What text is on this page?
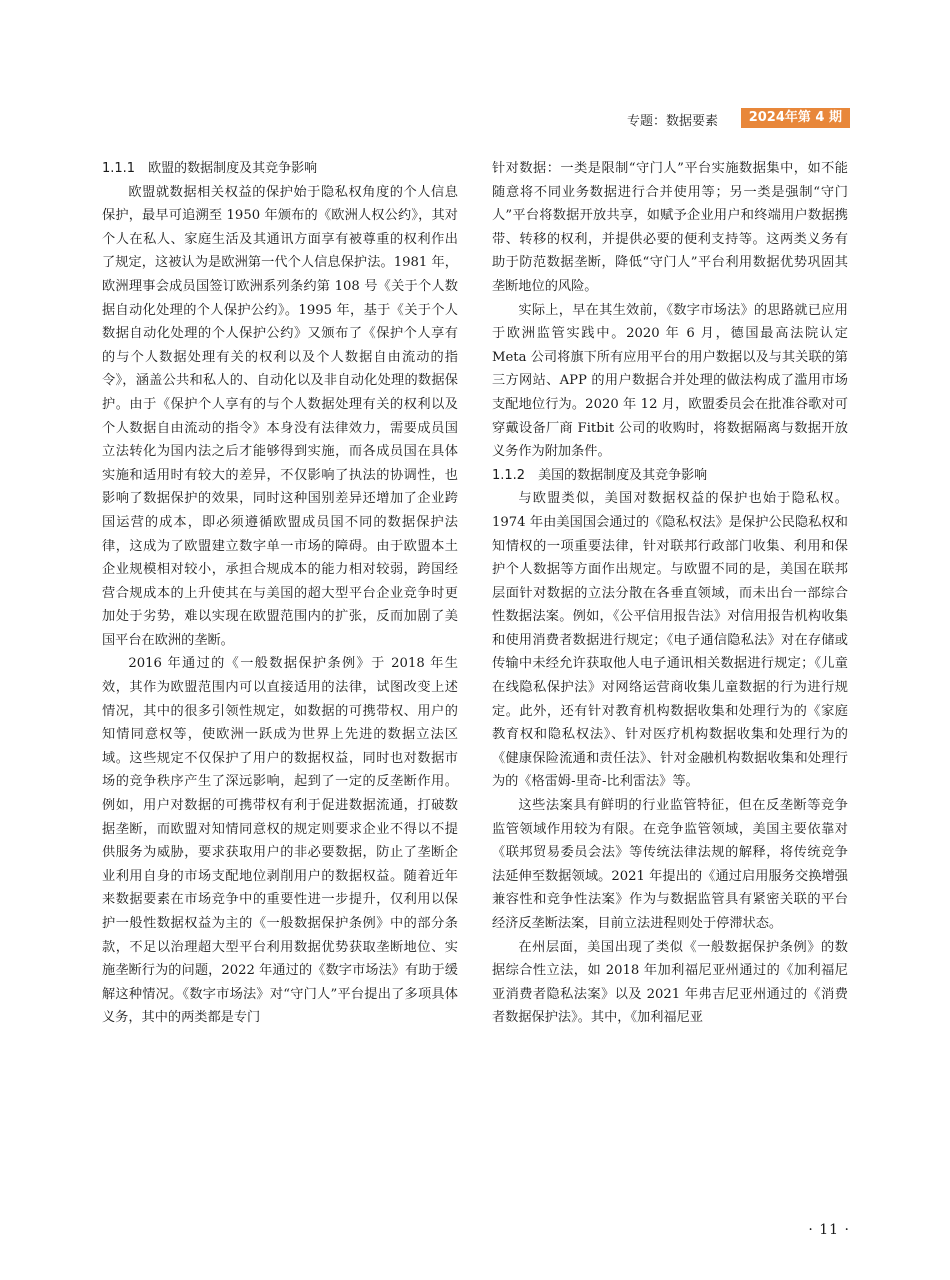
专题：数据要素	2024年第 4 期

1.1.1　欧盟的数据制度及其竞争影响

欧盟就数据相关权益的保护始于隐私权角度的个人信息保护，最早可追溯至 1950 年颁布的《欧洲人权公约》，其对个人在私人、家庭生活及其通讯方面享有被尊重的权利作出了规定，这被认为是欧洲第一代个人信息保护法。1981 年，欧洲理事会成员国签订欧洲系列条约第 108 号《关于个人数据自动化处理的个人保护公约》。1995 年，基于《关于个人数据自动化处理的个人保护公约》又颁布了《保护个人享有的与个人数据处理有关的权利以及个人数据自由流动的指令》，涵盖公共和私人的、自动化以及非自动化处理的数据保护。由于《保护个人享有的与个人数据处理有关的权利以及个人数据自由流动的指令》本身没有法律效力，需要成员国立法转化为国内法之后才能够得到实施，而各成员国在具体实施和适用时有较大的差异，不仅影响了执法的协调性，也影响了数据保护的效果，同时这种国别差异还增加了企业跨国运营的成本，即必须遵循欧盟成员国不同的数据保护法律，这成为了欧盟建立数字单一市场的障碍。由于欧盟本土企业规模相对较小，承担合规成本的能力相对较弱，跨国经营合规成本的上升使其在与美国的超大型平台企业竞争时更加处于劣势，难以实现在欧盟范围内的扩张，反而加剧了美国平台在欧洲的垄断。

2016 年通过的《一般数据保护条例》于 2018 年生效，其作为欧盟范围内可以直接适用的法律，试图改变上述情况，其中的很多引领性规定，如数据的可携带权、用户的知情同意权等，使欧洲一跃成为世界上先进的数据立法区域。这些规定不仅保护了用户的数据权益，同时也对数据市场的竞争秩序产生了深远影响，起到了一定的反垄断作用。例如，用户对数据的可携带权有利于促进数据流通，打破数据垄断，而欧盟对知情同意权的规定则要求企业不得以不提供服务为威胁，要求获取用户的非必要数据，防止了垄断企业利用自身的市场支配地位剥削用户的数据权益。随着近年来数据要素在市场竞争中的重要性进一步提升，仅利用以保护一般性数据权益为主的《一般数据保护条例》中的部分条款，不足以治理超大型平台利用数据优势获取垄断地位、实施垄断行为的问题，2022 年通过的《数字市场法》有助于缓解这种情况。《数字市场法》对“守门人”平台提出了多项具体义务，其中的两类都是专门

针对数据：一类是限制“守门人”平台实施数据集中，如不能随意将不同业务数据进行合并使用等；另一类是强制“守门人”平台将数据开放共享，如赋予企业用户和终端用户数据携带、转移的权利，并提供必要的便利支持等。这两类义务有助于防范数据垄断，降低“守门人”平台利用数据优势巩固其垄断地位的风险。

实际上，早在其生效前，《数字市场法》的思路就已应用于欧洲监管实践中。2020 年 6 月，德国最高法院认定 Meta 公司将旗下所有应用平台的用户数据以及与其关联的第三方网站、APP 的用户数据合并处理的做法构成了滥用市场支配地位行为。2020 年 12 月，欧盟委员会在批准谷歌对可穿戴设备厂商 Fitbit 公司的收购时，将数据隔离与数据开放义务作为附加条件。

1.1.2　美国的数据制度及其竞争影响

与欧盟类似，美国对数据权益的保护也始于隐私权。1974 年由美国国会通过的《隐私权法》是保护公民隐私权和知情权的一项重要法律，针对联邦行政部门收集、利用和保护个人数据等方面作出规定。与欧盟不同的是，美国在联邦层面针对数据的立法分散在各垂直领域，而未出台一部综合性数据法案。例如，《公平信用报告法》对信用报告机构收集和使用消费者数据进行规定；《电子通信隐私法》对在存储或传输中未经允许获取他人电子通讯相关数据进行规定；《儿童在线隐私保护法》对网络运营商收集儿童数据的行为进行规定。此外，还有针对教育机构数据收集和处理行为的《家庭教育权和隐私权法》、针对医疗机构数据收集和处理行为的《健康保险流通和责任法》、针对金融机构数据收集和处理行为的《格雷姆-里奇-比利雷法》等。

这些法案具有鲜明的行业监管特征，但在反垄断等竞争监管领域作用较为有限。在竞争监管领域，美国主要依靠对《联邦贸易委员会法》等传统法律法规的解释，将传统竞争法延伸至数据领域。2021 年提出的《通过启用服务交换增强兼容性和竞争性法案》作为与数据监管具有紧密关联的平台经济反垄断法案，目前立法进程则处于停滞状态。

在州层面，美国出现了类似《一般数据保护条例》的数据综合性立法，如 2018 年加利福尼亚州通过的《加利福尼亚消费者隐私法案》以及 2021 年弗吉尼亚州通过的《消费者数据保护法》。其中，《加利福尼亚

· 11 ·
